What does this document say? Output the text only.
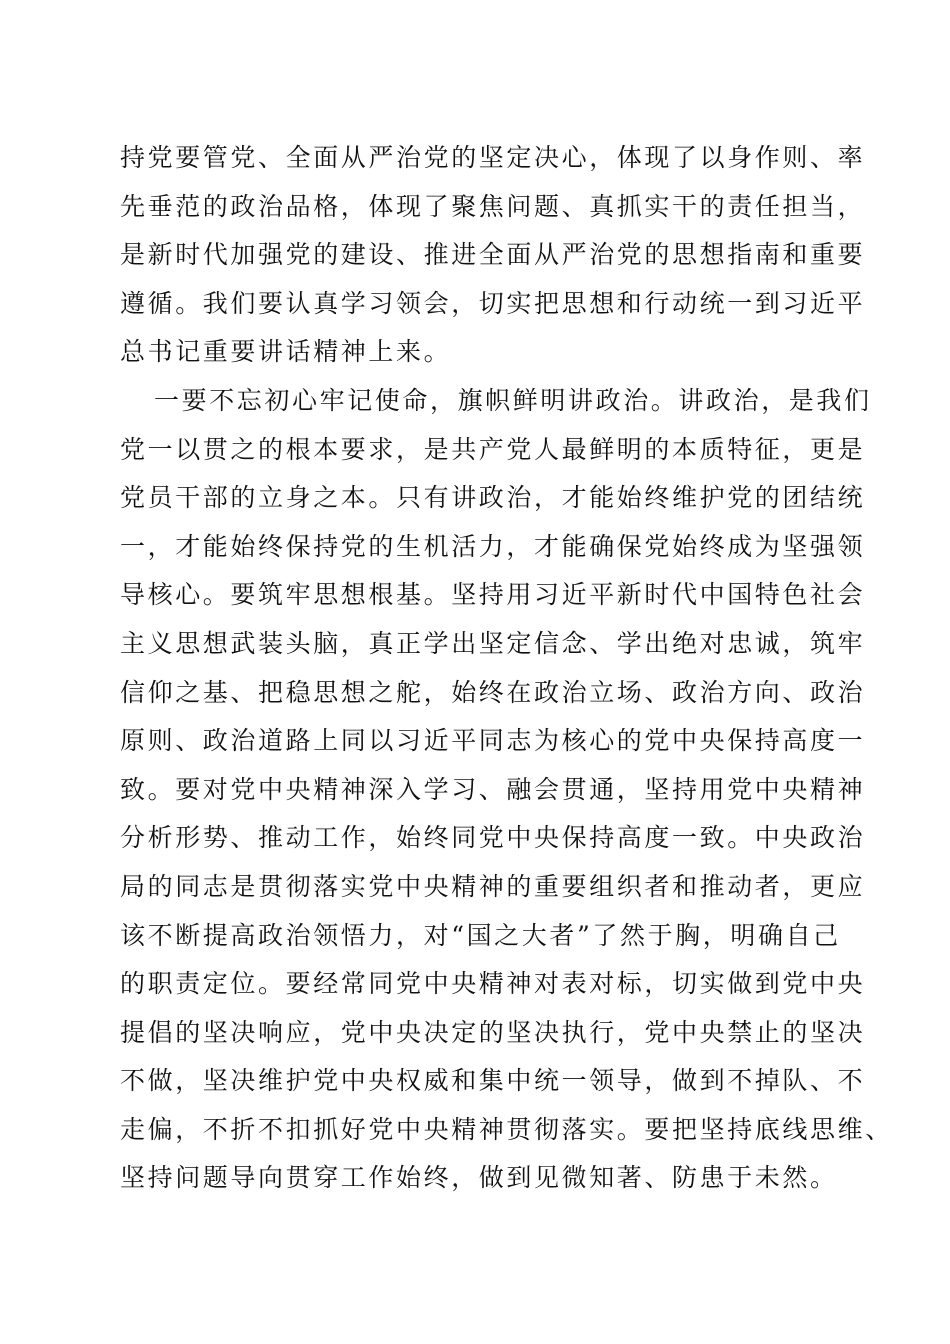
持党要管党、全面从严治党的坚定决心，体现了以身作则、率
先垂范的政治品格，体现了聚焦问题、真抓实干的责任担当，
是新时代加强党的建设、推进全面从严治党的思想指南和重要
遵循。我们要认真学习领会，切实把思想和行动统一到习近平
总书记重要讲话精神上来。
一要不忘初心牢记使命，旗帜鲜明讲政治。讲政治，是我们
党一以贯之的根本要求，是共产党人最鲜明的本质特征，更是
党员干部的立身之本。只有讲政治，才能始终维护党的团结统
一，才能始终保持党的生机活力，才能确保党始终成为坚强领
导核心。要筑牢思想根基。坚持用习近平新时代中国特色社会
主义思想武装头脑，真正学出坚定信念、学出绝对忠诚，筑牢
信仰之基、把稳思想之舵，始终在政治立场、政治方向、政治
原则、政治道路上同以习近平同志为核心的党中央保持高度一
致。要对党中央精神深入学习、融会贯通，坚持用党中央精神
分析形势、推动工作，始终同党中央保持高度一致。中央政治
局的同志是贯彻落实党中央精神的重要组织者和推动者，更应
该不断提高政治领悟力，对“国之大者”了然于胸，明确自己
的职责定位。要经常同党中央精神对表对标，切实做到党中央
提倡的坚决响应，党中央决定的坚决执行，党中央禁止的坚决
不做，坚决维护党中央权威和集中统一领导，做到不掉队、不
走偏，不折不扣抓好党中央精神贯彻落实。要把坚持底线思维、
坚持问题导向贯穿工作始终，做到见微知著、防患于未然。
